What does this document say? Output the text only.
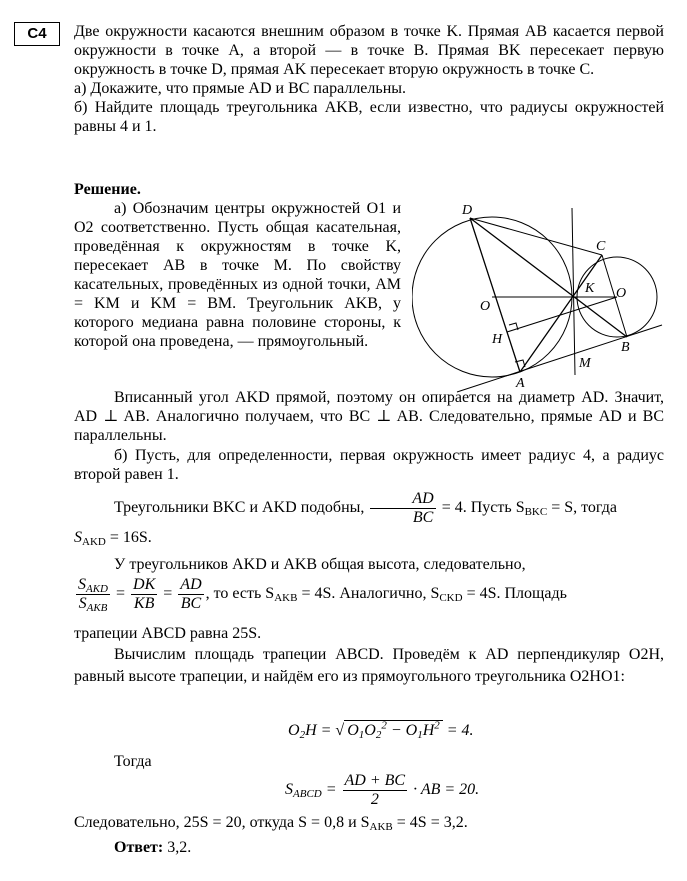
С4	Две окружности касаются внешним образом в точке K. Прямая AB касается первой окружности в точке A, а второй — в точке B. Прямая BK пересекает первую окружность в точке D, прямая AK пересекает вторую окружность в точке C.
а) Докажите, что прямые AD и BC параллельны.
б) Найдите площадь треугольника AKB, если известно, что радиусы окружностей равны 4 и 1.
Решение.
а) Обозначим центры окружностей O1 и O2 соответственно. Пусть общая касательная, проведённая к окружностям в точке K, пересекает AB в точке M. По свойству касательных, проведённых из одной точки, AM = KM и KM = BM. Треугольник AKB, у которого медиана равна половине стороны, к которой она проведена, — прямоугольный.
Вписанный угол AKD прямой, поэтому он опирается на диаметр AD. Значит, AD ⊥ AB. Аналогично получаем, что BC ⊥ AB. Следовательно, прямые AD и BC параллельны.
б) Пусть, для определенности, первая окружность имеет радиус 4, а радиус второй равен 1.
D
C
K
O
O
H
M
B
A
Треугольники BKC и AKD подобны, $\frac{AD}{BC} = 4$. Пусть $S_{BKC} = S$, тогда
$S_{AKD} = 16S$.
У треугольников AKD и AKB общая высота, следовательно,
$\frac{S_{AKD}}{S_{AKB}} = \frac{DK}{KB} = \frac{AD}{BC}$ , то есть $S_{AKB} = 4S$. Аналогично, $S_{CKD} = 4S$. Площадь
трапеции ABCD равна 25S.
Вычислим площадь трапеции ABCD. Проведём к AD перпендикуляр O2H, равный высоте трапеции, и найдём его из прямоугольного треугольника O2HO1:
$O_2H$ = √ $O_1O_2^2 - O_1H^2 = 4$.
Тогда
$S_{ABCD} = \frac{AD + BC}{2}$ · AB = 20.
Следовательно, 25S = 20, откуда S = 0,8 и $S_{AKB} = 4S = 3,2$.
Ответ: 3,2.
